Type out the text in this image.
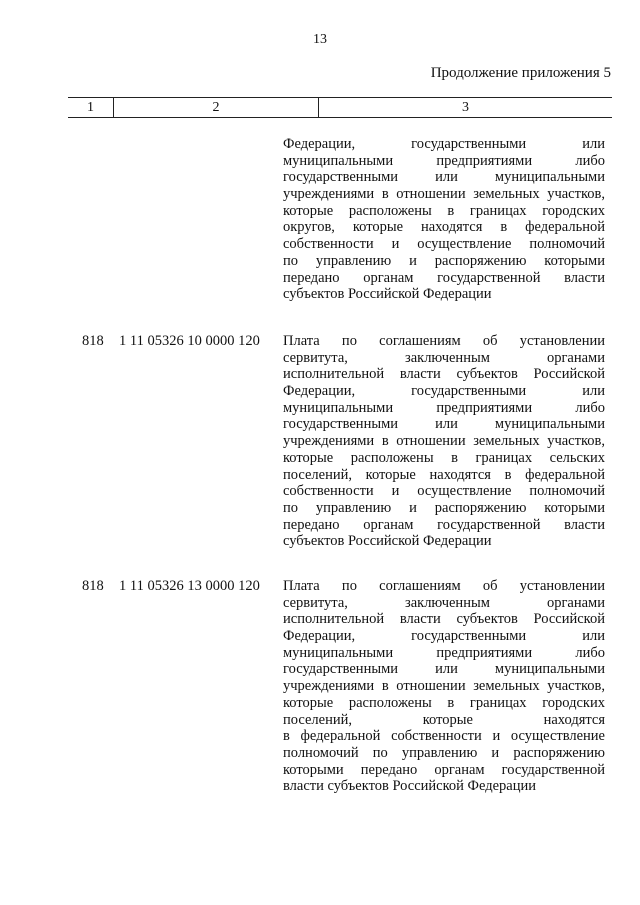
13
Продолжение приложения 5
1	2	3
Федерации, государственными или
муниципальными предприятиями либо
государственными или муниципальными
учреждениями в отношении земельных участков,
которые расположены в границах городских
округов, которые находятся в федеральной
собственности и осуществление полномочий
по управлению и распоряжению которыми
передано органам государственной власти
субъектов Российской Федерации
818 1 11 05326 10 0000 120 Плата по соглашениям об установлении
сервитута, заключенным органами
исполнительной власти субъектов Российской
Федерации, государственными или
муниципальными предприятиями либо
государственными или муниципальными
учреждениями в отношении земельных участков,
которые расположены в границах сельских
поселений, которые находятся в федеральной
собственности и осуществление полномочий
по управлению и распоряжению которыми
передано органам государственной власти
субъектов Российской Федерации
818 1 11 05326 13 0000 120 Плата по соглашениям об установлении
сервитута, заключенным органами
исполнительной власти субъектов Российской
Федерации, государственными или
муниципальными предприятиями либо
государственными или муниципальными
учреждениями в отношении земельных участков,
которые расположены в границах городских
поселений, которые находятся
в федеральной собственности и осуществление
полномочий по управлению и распоряжению
которыми передано органам государственной
власти субъектов Российской Федерации
